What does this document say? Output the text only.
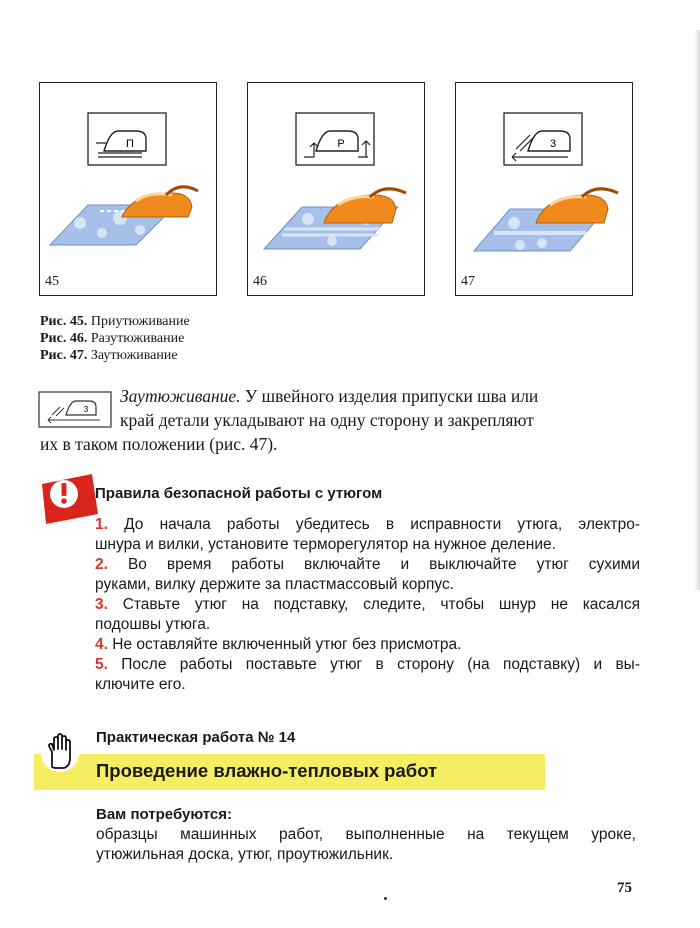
П
45
Р
46
3
47
Рис. 45. Приутюживание
Рис. 46. Разутюживание
Рис. 47. Заутюживание
3
Заутюживание. У швейного изделия припуски шва или
край детали укладывают на одну сторону и закрепляют
их в таком положении (рис. 47).
Правила безопасной работы с утюгом
1. До начала работы убедитесь в исправности утюга, электро-
шнура и вилки, установите терморегулятор на нужное деление.
2. Во время работы включайте и выключайте утюг сухими
руками, вилку держите за пластмассовый корпус.
3. Ставьте утюг на подставку, следите, чтобы шнур не касался
подошвы утюга.
4. Не оставляйте включенный утюг без присмотра.
5. После работы поставьте утюг в сторону (на подставку) и вы-
ключите его.
Практическая работа № 14
Проведение влажно-тепловых работ
Вам потребуются:
образцы машинных работ, выполненные на текущем уроке,
утюжильная доска, утюг, проутюжильник.
75
